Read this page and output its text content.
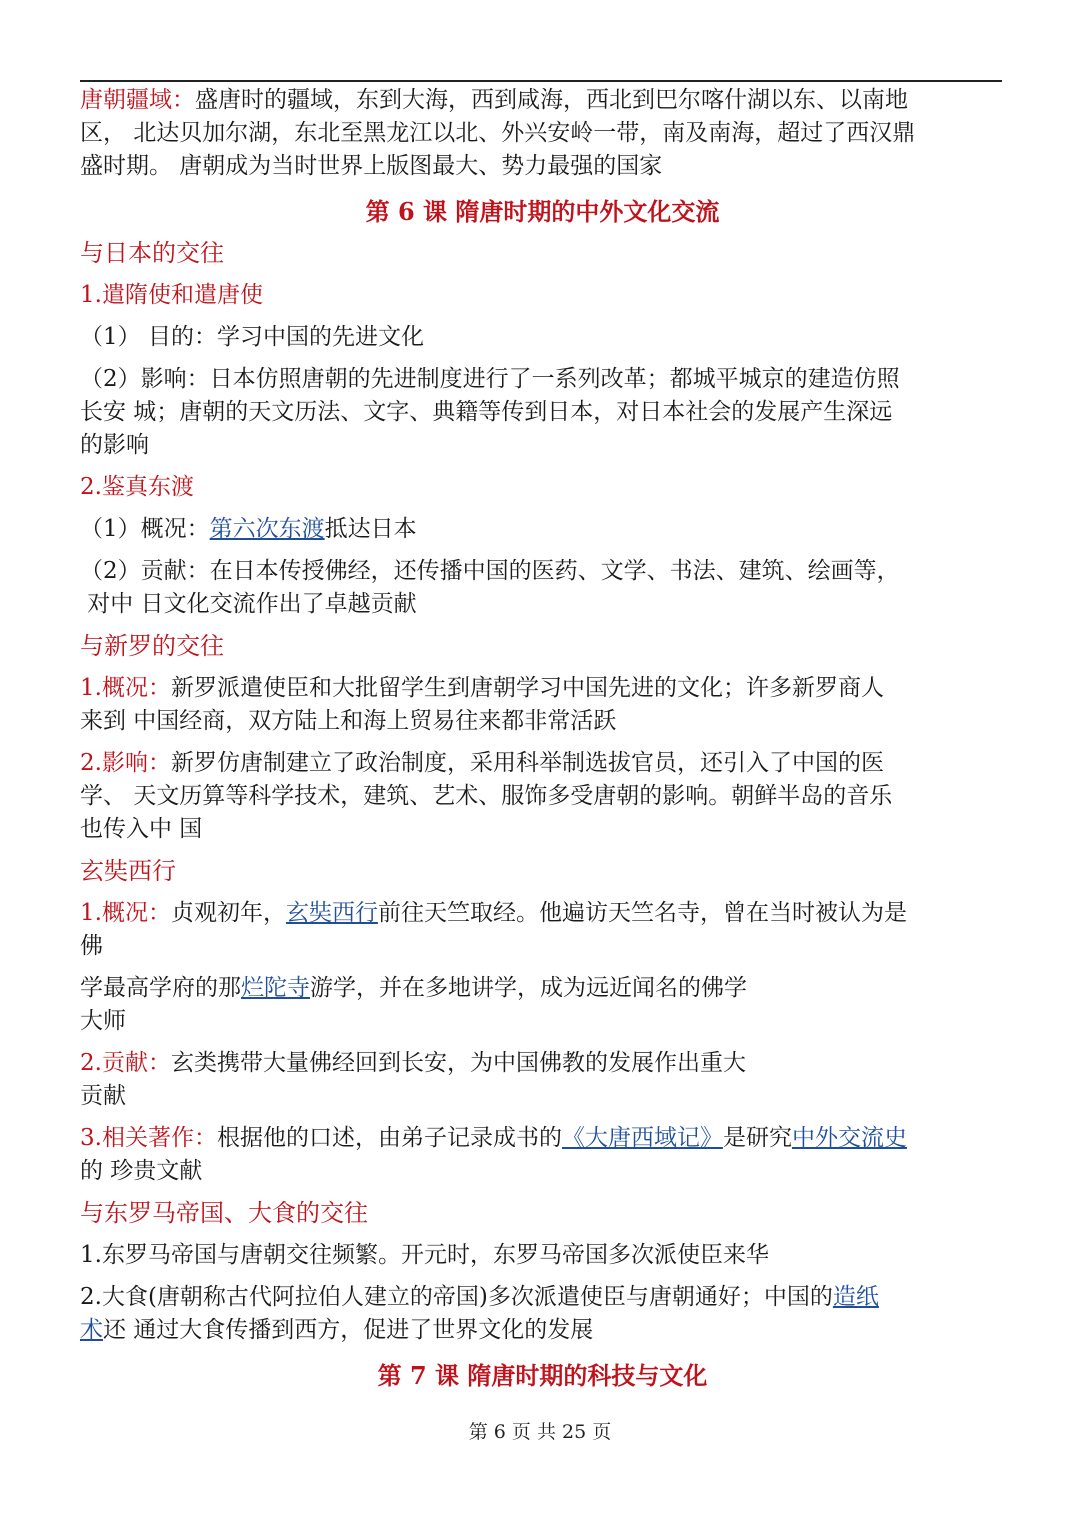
唐朝疆域：盛唐时的疆域，东到大海，西到咸海，西北到巴尔喀什湖以东、以南地
区， 北达贝加尔湖，东北至黑龙江以北、外兴安岭一带，南及南海，超过了西汉鼎
盛时期。 唐朝成为当时世界上版图最大、势力最强的国家
第 6 课 隋唐时期的中外文化交流
与日本的交往
1.遣隋使和遣唐使
（1） 目的：学习中国的先进文化
（2）影响：日本仿照唐朝的先进制度进行了一系列改革；都城平城京的建造仿照
长安 城；唐朝的天文历法、文字、典籍等传到日本，对日本社会的发展产生深远
的影响
2.鉴真东渡
（1）概况：第六次东渡抵达日本
（2）贡献：在日本传授佛经，还传播中国的医药、文学、书法、建筑、绘画等，
对中 日文化交流作出了卓越贡献
与新罗的交往
1.概况：新罗派遣使臣和大批留学生到唐朝学习中国先进的文化；许多新罗商人
来到 中国经商，双方陆上和海上贸易往来都非常活跃
2.影响：新罗仿唐制建立了政治制度，采用科举制选拔官员，还引入了中国的医
学、 天文历算等科学技术，建筑、艺术、服饰多受唐朝的影响。朝鲜半岛的音乐
也传入中 国
玄奘西行
1.概况：贞观初年，玄奘西行前往天竺取经。他遍访天竺名寺，曾在当时被认为是
佛
学最高学府的那烂陀寺游学，并在多地讲学，成为远近闻名的佛学
大师
2.贡献：玄类携带大量佛经回到长安，为中国佛教的发展作出重大
贡献
3.相关著作：根据他的口述，由弟子记录成书的《大唐西域记》是研究中外交流史
的 珍贵文献
与东罗马帝国、大食的交往
1.东罗马帝国与唐朝交往频繁。开元时，东罗马帝国多次派使臣来华
2.大食(唐朝称古代阿拉伯人建立的帝国)多次派遣使臣与唐朝通好；中国的造纸
术还 通过大食传播到西方，促进了世界文化的发展
第 7 课 隋唐时期的科技与文化
第 6 页 共 25 页
